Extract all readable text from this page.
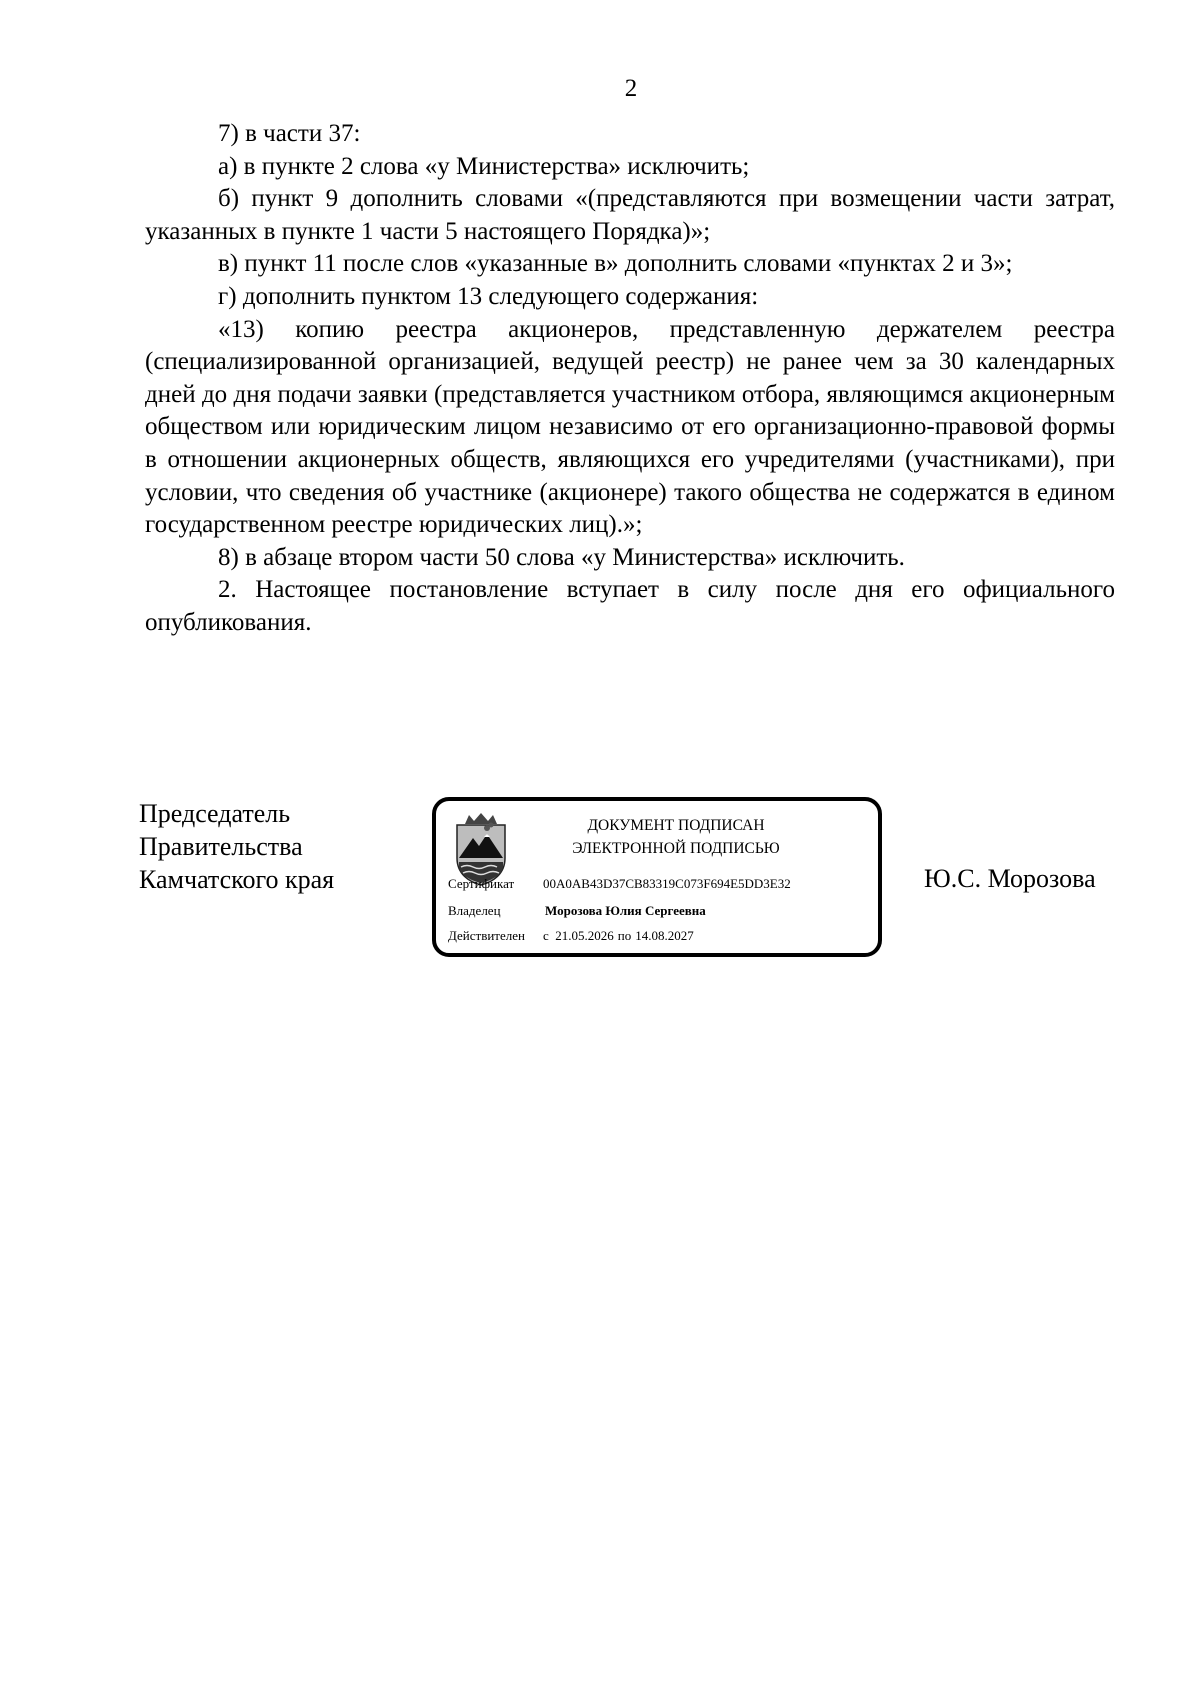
2

7) в части 37:

а) в пункте 2 слова «у Министерства» исключить;

б) пункт 9 дополнить словами «(представляются при возмещении части затрат, указанных в пункте 1 части 5 настоящего Порядка)»;

в) пункт 11 после слов «указанные в» дополнить словами «пунктах 2 и 3»;

г) дополнить пунктом 13 следующего содержания:

«13) копию реестра акционеров, представленную держателем реестра (специализированной организацией, ведущей реестр) не ранее чем за 30 календарных дней до дня подачи заявки (представляется участником отбора, являющимся акционерным обществом или юридическим лицом независимо от его организационно-правовой формы в отношении акционерных обществ, являющихся его учредителями (участниками), при условии, что сведения об участнике (акционере) такого общества не содержатся в едином государственном реестре юридических лиц).»;

8) в абзаце втором части 50 слова «у Министерства» исключить.

2. Настоящее постановление вступает в силу после дня его официального опубликования.

Председатель
Правительства
Камчатского края
ДОКУМЕНТ ПОДПИСАН
ЭЛЕКТРОННОЙ ПОДПИСЬЮ
Сертификат 00A0AB43D37CB83319C073F694E5DD3E32
Владелец	Морозова Юлия Сергеевна
Действителен с 21.05.2026 по 14.08.2027
Ю.С. Морозова
